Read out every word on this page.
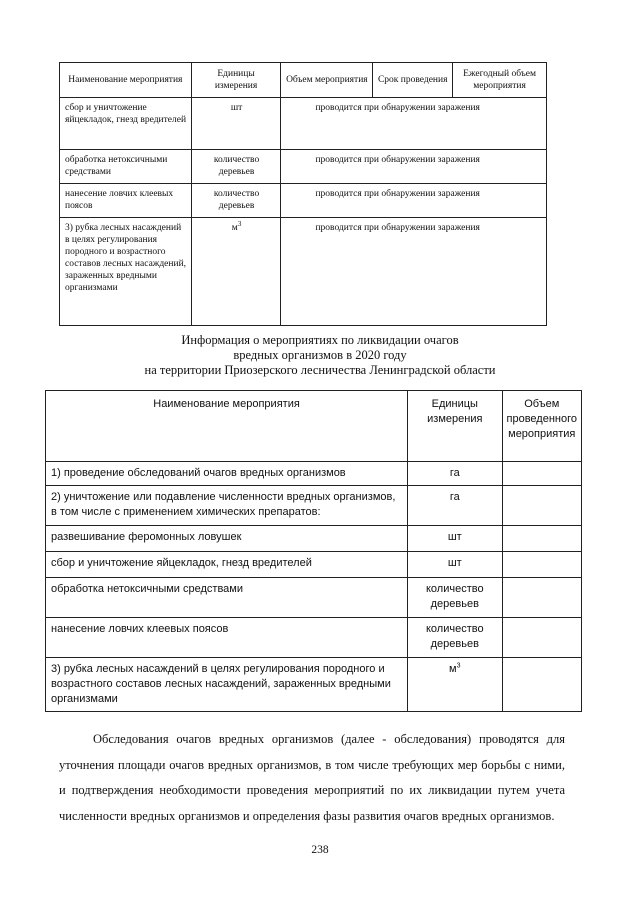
Наименование мероприятия	Единицы измерения	Объем мероприятия	Срок проведения	Ежегодный объем мероприятия
сбор и уничтожение яйцекладок, гнезд вредителей	шт	проводится при обнаружении заражения		
обработка нетоксичными средствами	количество деревьев	проводится при обнаружении заражения		
нанесение ловчих клеевых поясов	количество деревьев	проводится при обнаружении заражения		
3) рубка лесных насаждений в целях регулирования породного и возрастного составов лесных насаждений, зараженных вредными организмами	$м^3$	проводится при обнаружении заражения		
Информация о мероприятиях по ликвидации очагов
вредных организмов в 2020 году
на территории Приозерского лесничества Ленинградской области
Наименование мероприятия	Единицы измерения	Объем проведенного мероприятия
1) проведение обследований очагов вредных организмов	га	
2) уничтожение или подавление численности вредных организмов, в том числе с применением химических препаратов:	га	
развешивание феромонных ловушек	шт	
сбор и уничтожение яйцекладок, гнезд вредителей	шт	
обработка нетоксичными средствами	количество деревьев	
нанесение ловчих клеевых поясов	количество деревьев	
3) рубка лесных насаждений в целях регулирования породного и возрастного составов лесных насаждений, зараженных вредными организмами	$м^3$	
Обследования очагов вредных организмов (далее - обследования) проводятся для уточнения площади очагов вредных организмов, в том числе требующих мер борьбы с ними, и подтверждения необходимости проведения мероприятий по их ликвидации путем учета численности вредных организмов и определения фазы развития очагов вредных организмов.
238
